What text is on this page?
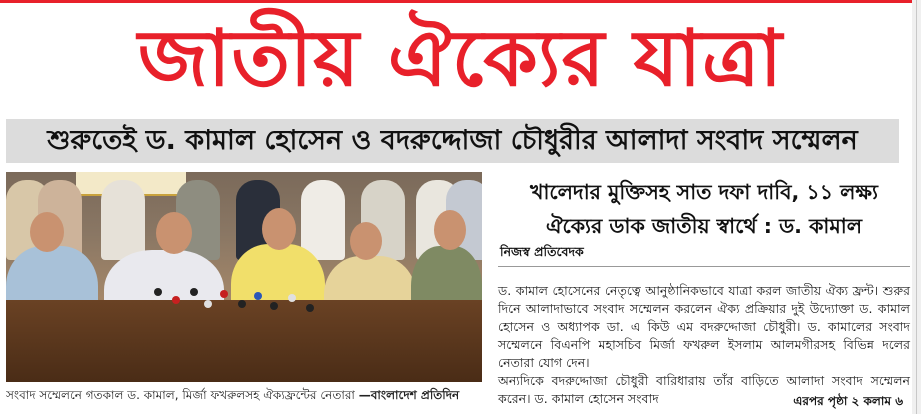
জাতীয় ঐক্যের যাত্রা
শুরুতেই ড. কামাল হোসেন ও বদরুদ্দোজা চৌধুরীর আলাদা সংবাদ সম্মেলন
সংবাদ সম্মেলনে গতকাল ড. কামাল, মির্জা ফখরুলসহ ঐক্যফ্রন্টের নেতারা —বাংলাদেশ প্রতিদিন
খালেদার মুক্তিসহ সাত দফা দাবি, ১১ লক্ষ্য
ঐক্যের ডাক জাতীয় স্বার্থে : ড. কামাল
নিজস্ব প্রতিবেদক

ড. কামাল হোসেনের নেতৃত্বে আনুষ্ঠানিকভাবে যাত্রা করল জাতীয় ঐক্য ফ্রন্ট। শুরুর দিনে আলাদাভাবে সংবাদ সম্মেলন করলেন ঐক্য প্রক্রিয়ার দুই উদ্যোক্তা ড. কামাল হোসেন ও অধ্যাপক ডা. এ কিউ এম বদরুদ্দোজা চৌধুরী। ড. কামালের সংবাদ সম্মেলনে বিএনপি মহাসচিব মির্জা ফখরুল ইসলাম আলমগীরসহ বিভিন্ন দলের নেতারা যোগ দেন।

অন্যদিকে বদরুদ্দোজা চৌধুরী বারিধারায় তাঁর বাড়িতে আলাদা সংবাদ সম্মেলন করেন। ড. কামাল হোসেন সংবাদ	এরপর পৃষ্ঠা ২ কলাম ৬
